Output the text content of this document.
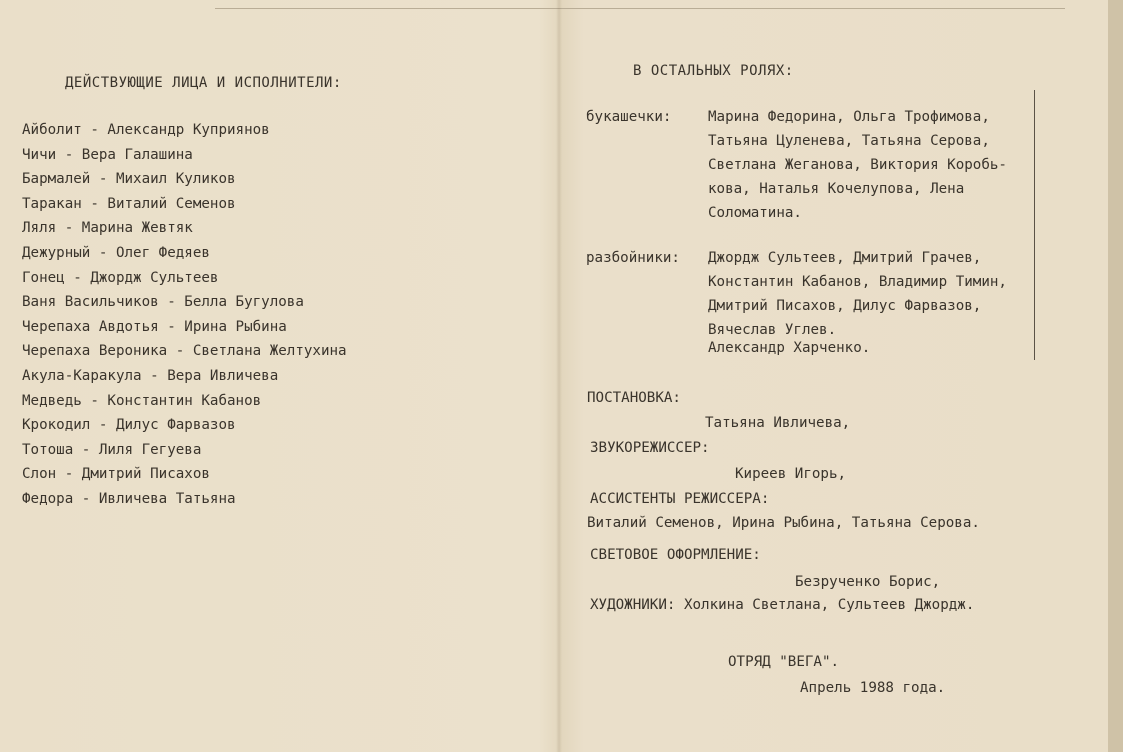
ДЕЙСТВУЮЩИЕ ЛИЦА И ИСПОЛНИТЕЛИ:
Айболит - Александр Куприянов
Чичи - Вера Галашина
Бармалей - Михаил Куликов
Таракан - Виталий Семенов
Ляля - Марина Жевтяк
Дежурный - Олег Федяев
Гонец - Джордж Сультеев
Ваня Васильчиков - Белла Бугулова
Черепаха Авдотья - Ирина Рыбина
Черепаха Вероника - Светлана Желтухина
Акула-Каракула - Вера Ивличева
Медведь - Константин Кабанов
Крокодил - Дилус Фарвазов
Тотоша - Лиля Гегуева
Слон - Дмитрий Писахов
Федора - Ивличева Татьяна
В ОСТАЛЬНЫХ РОЛЯХ:
букашечки:	Марина Федорина, Ольга Трофимова,
Татьяна Цуленева, Татьяна Серова,
Светлана Жеганова, Виктория Коробь-
кова, Наталья Кочелупова, Лена
Соломатина.
разбойники: Джордж Сультеев, Дмитрий Грачев,
Константин Кабанов, Владимир Тимин,
Дмитрий Писахов, Дилус Фарвазов,
Вячеслав Углев.
Александр Харченко.
ПОСТАНОВКА:
Татьяна Ивличева,
ЗВУКОРЕЖИССЕР:
Киреев Игорь,
АССИСТЕНТЫ РЕЖИССЕРА:
Виталий Семенов, Ирина Рыбина, Татьяна Серова.
СВЕТОВОЕ ОФОРМЛЕНИЕ:
Безрученко Борис,
ХУДОЖНИКИ: Холкина Светлана, Сультеев Джордж.
ОТРЯД "ВЕГА".
Апрель 1988 года.
